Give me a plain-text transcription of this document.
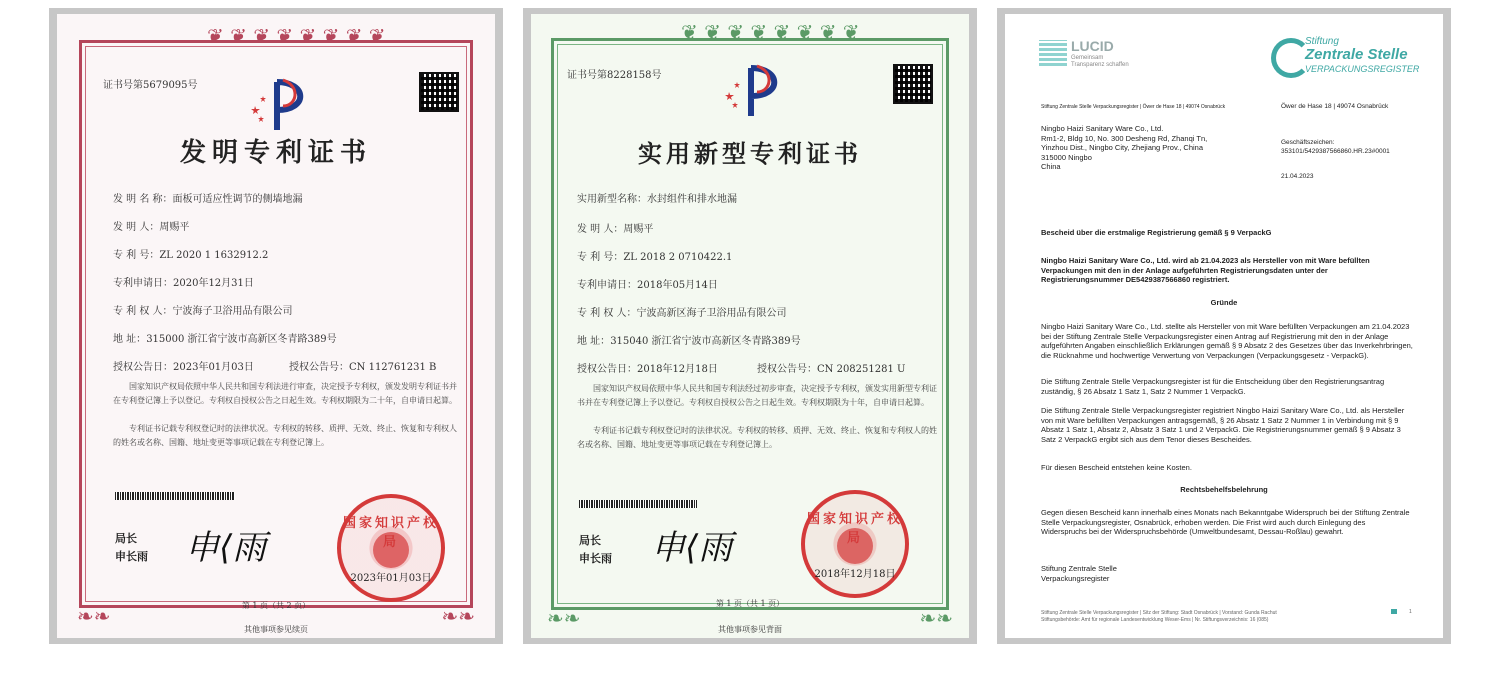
❦ ❦ ❦ ❦ ❦ ❦ ❦ ❦
❧❧	❧❧
证书号第5679095号
发明专利证书
发 明 名 称：面板可适应性调节的侧墙地漏
发 明 人：周赐平
专 利 号：ZL 2020 1 1632912.2
专利申请日：2020年12月31日
专 利 权 人：宁波海子卫浴用品有限公司
地 址：315000 浙江省宁波市高新区冬青路389号
授权公告日：2023年01月03日	授权公告号：CN 112761231 B
国家知识产权局依照中华人民共和国专利法进行审查，决定授予专利权，颁发发明专利证书并在专利登记簿上予以登记。专利权自授权公告之日起生效。专利权期限为二十年，自申请日起算。
专利证书记载专利权登记时的法律状况。专利权的转移、质押、无效、终止、恢复和专利权人的姓名或名称、国籍、地址变更等事项记载在专利登记簿上。
局长
申长雨 申⟨雨
国家知识产权
2023年01月03日
第 1 页（共 2 页）
其他事项参见续页
❦ ❦ ❦ ❦ ❦ ❦ ❦ ❦
❧❧	❧❧
证书号第8228158号
实用新型专利证书
实用新型名称：水封组件和排水地漏
发 明 人：周赐平
专 利 号：ZL 2018 2 0710422.1
专利申请日：2018年05月14日
专 利 权 人：宁波高新区海子卫浴用品有限公司
地 址：315040 浙江省宁波市高新区冬青路389号
授权公告日：2018年12月18日	授权公告号：CN 208251281 U
国家知识产权局依照中华人民共和国专利法经过初步审查，决定授予专利权，颁发实用新型专利证书并在专利登记簿上予以登记。专利权自授权公告之日起生效。专利权期限为十年，自申请日起算。
专利证书记载专利权登记时的法律状况。专利权的转移、质押、无效、终止、恢复和专利权人的姓名或名称、国籍、地址变更等事项记载在专利登记簿上。
局长
申长雨 申⟨雨
国家知识产权
2018年12月18日
第 1 页（共 1 页）
其他事项参见背面
LUCID
Gemeinsam
Transparenz schaffen
Stiftung
Zentrale Stelle
VERPACKUNGSREGISTER
Stiftung Zentrale Stelle Verpackungsregister | Öwer de Hase 18 | 49074 Osnabrück	Öwer de Hase 18 | 49074 Osnabrück
Ningbo Haizi Sanitary Ware Co., Ltd.
Rm1-2, Bldg 10, No. 300 Desheng Rd, Zhanqi Tn,
Yinzhou Dist., Ningbo City, Zhejiang Prov., China
315000 Ningbo
China
Geschäftszeichen:
353101/5429387566860.HR.23#0001
21.04.2023
Bescheid über die erstmalige Registrierung gemäß § 9 VerpackG
Ningbo Haizi Sanitary Ware Co., Ltd. wird ab 21.04.2023 als Hersteller von mit Ware befüllten Verpackungen mit den in der Anlage aufgeführten Registrierungsdaten unter der Registrierungsnummer DE5429387566860 registriert.
Gründe
Ningbo Haizi Sanitary Ware Co., Ltd. stellte als Hersteller von mit Ware befüllten Verpackungen am 21.04.2023 bei der Stiftung Zentrale Stelle Verpackungsregister einen Antrag auf Registrierung mit den in der Anlage aufgeführten Angaben einschließlich Erklärungen gemäß § 9 Absatz 2 des Gesetzes über das Inverkehrbringen, die Rücknahme und hochwertige Verwertung von Verpackungen (Verpackungsgesetz - VerpackG).
Die Stiftung Zentrale Stelle Verpackungsregister ist für die Entscheidung über den Registrierungsantrag zuständig, § 26 Absatz 1 Satz 1, Satz 2 Nummer 1 VerpackG.
Die Stiftung Zentrale Stelle Verpackungsregister registriert Ningbo Haizi Sanitary Ware Co., Ltd. als Hersteller von mit Ware befüllten Verpackungen antragsgemäß, § 26 Absatz 1 Satz 2 Nummer 1 in Verbindung mit § 9 Absatz 1 Satz 1, Absatz 2, Absatz 3 Satz 1 und 2 VerpackG. Die Registrierungsnummer gemäß § 9 Absatz 3 Satz 2 VerpackG ergibt sich aus dem Tenor dieses Bescheides.
Für diesen Bescheid entstehen keine Kosten.
Rechtsbehelfsbelehrung
Gegen diesen Bescheid kann innerhalb eines Monats nach Bekanntgabe Widerspruch bei der Stiftung Zentrale Stelle Verpackungsregister, Osnabrück, erhoben werden. Die Frist wird auch durch Einlegung des Widerspruchs bei der Widerspruchsbehörde (Umweltbundesamt, Dessau-Roßlau) gewahrt.
Stiftung Zentrale Stelle
Verpackungsregister
Stiftung Zentrale Stelle Verpackungsregister | Sitz der Stiftung: Stadt Osnabrück | Vorstand: Gunda Rachut
Stiftungsbehörde: Amt für regionale Landesentwicklung Weser-Ems | Nr. Stiftungsverzeichnis: 16 (085)
1
